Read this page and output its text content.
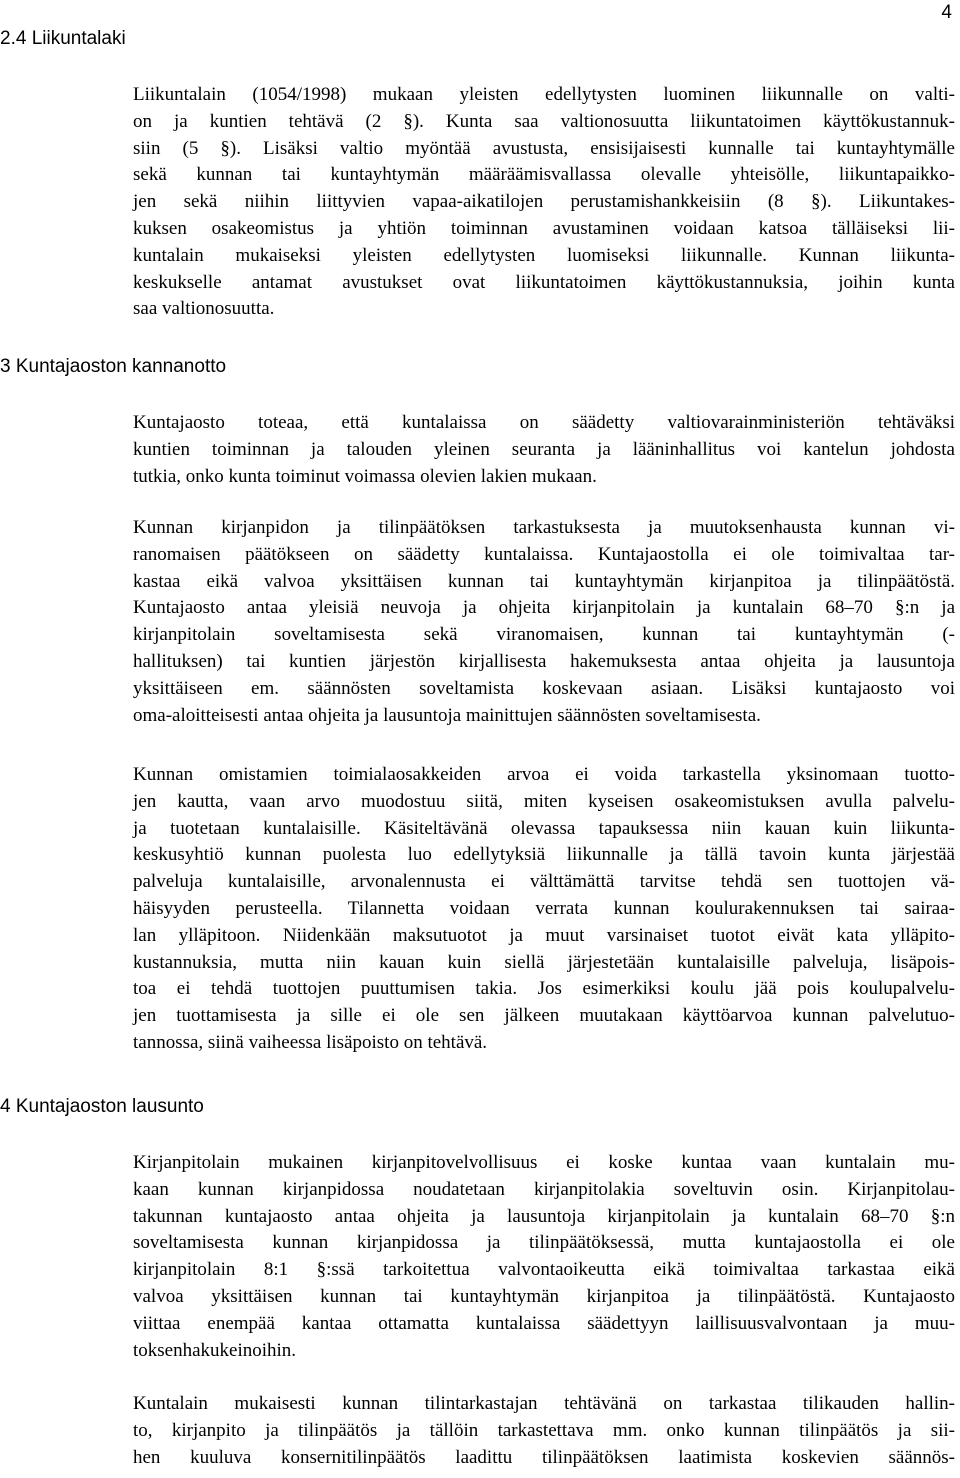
4
2.4 Liikuntalaki

Liikuntalain (1054/1998) mukaan yleisten edellytysten luominen liikunnalle on valti-
on ja kuntien tehtävä (2 §). Kunta saa valtionosuutta liikuntatoimen käyttökustannuk-
siin (5 §). Lisäksi valtio myöntää avustusta, ensisijaisesti kunnalle tai kuntayhtymälle
sekä kunnan tai kuntayhtymän määräämisvallassa olevalle yhteisölle, liikuntapaikko-
jen sekä niihin liittyvien vapaa-aikatilojen perustamishankkeisiin (8 §). Liikuntakes-
kuksen osakeomistus ja yhtiön toiminnan avustaminen voidaan katsoa tälläiseksi lii-
kuntalain mukaiseksi yleisten edellytysten luomiseksi liikunnalle. Kunnan liikunta-
keskukselle antamat avustukset ovat liikuntatoimen käyttökustannuksia, joihin kunta
saa valtionosuutta.

3 Kuntajaoston kannanotto

Kuntajaosto toteaa, että kuntalaissa on säädetty valtiovarainministeriön tehtäväksi
kuntien toiminnan ja talouden yleinen seuranta ja lääninhallitus voi kantelun johdosta
tutkia, onko kunta toiminut voimassa olevien lakien mukaan.

Kunnan kirjanpidon ja tilinpäätöksen tarkastuksesta ja muutoksenhausta kunnan vi-
ranomaisen päätökseen on säädetty kuntalaissa. Kuntajaostolla ei ole toimivaltaa tar-
kastaa eikä valvoa yksittäisen kunnan tai kuntayhtymän kirjanpitoa ja tilinpäätöstä.
Kuntajaosto antaa yleisiä neuvoja ja ohjeita kirjanpitolain ja kuntalain 68–70 §:n ja
kirjanpitolain soveltamisesta sekä viranomaisen, kunnan tai kuntayhtymän (-
hallituksen) tai kuntien järjestön kirjallisesta hakemuksesta antaa ohjeita ja lausuntoja
yksittäiseen em. säännösten soveltamista koskevaan asiaan. Lisäksi kuntajaosto voi
oma-aloitteisesti antaa ohjeita ja lausuntoja mainittujen säännösten soveltamisesta.

Kunnan omistamien toimialaosakkeiden arvoa ei voida tarkastella yksinomaan tuotto-
jen kautta, vaan arvo muodostuu siitä, miten kyseisen osakeomistuksen avulla palvelu-
ja tuotetaan kuntalaisille. Käsiteltävänä olevassa tapauksessa niin kauan kuin liikunta-
keskusyhtiö kunnan puolesta luo edellytyksiä liikunnalle ja tällä tavoin kunta järjestää
palveluja kuntalaisille, arvonalennusta ei välttämättä tarvitse tehdä sen tuottojen vä-
häisyyden perusteella. Tilannetta voidaan verrata kunnan koulurakennuksen tai sairaa-
lan ylläpitoon. Niidenkään maksutuotot ja muut varsinaiset tuotot eivät kata ylläpito-
kustannuksia, mutta niin kauan kuin siellä järjestetään kuntalaisille palveluja, lisäpois-
toa ei tehdä tuottojen puuttumisen takia. Jos esimerkiksi koulu jää pois koulupalvelu-
jen tuottamisesta ja sille ei ole sen jälkeen muutakaan käyttöarvoa kunnan palvelutuo-
tannossa, siinä vaiheessa lisäpoisto on tehtävä.

4 Kuntajaoston lausunto

Kirjanpitolain mukainen kirjanpitovelvollisuus ei koske kuntaa vaan kuntalain mu-
kaan kunnan kirjanpidossa noudatetaan kirjanpitolakia soveltuvin osin. Kirjanpitolau-
takunnan kuntajaosto antaa ohjeita ja lausuntoja kirjanpitolain ja kuntalain 68–70 §:n
soveltamisesta kunnan kirjanpidossa ja tilinpäätöksessä, mutta kuntajaostolla ei ole
kirjanpitolain 8:1 §:ssä tarkoitettua valvontaoikeutta eikä toimivaltaa tarkastaa eikä
valvoa yksittäisen kunnan tai kuntayhtymän kirjanpitoa ja tilinpäätöstä. Kuntajaosto
viittaa enempää kantaa ottamatta kuntalaissa säädettyyn laillisuusvalvontaan ja muu-
toksenhakukeinoihin.

Kuntalain mukaisesti kunnan tilintarkastajan tehtävänä on tarkastaa tilikauden hallin-
to, kirjanpito ja tilinpäätös ja tällöin tarkastettava mm. onko kunnan tilinpäätös ja sii-
hen kuuluva konsernitilinpäätös laadittu tilinpäätöksen laatimista koskevien säännös-
